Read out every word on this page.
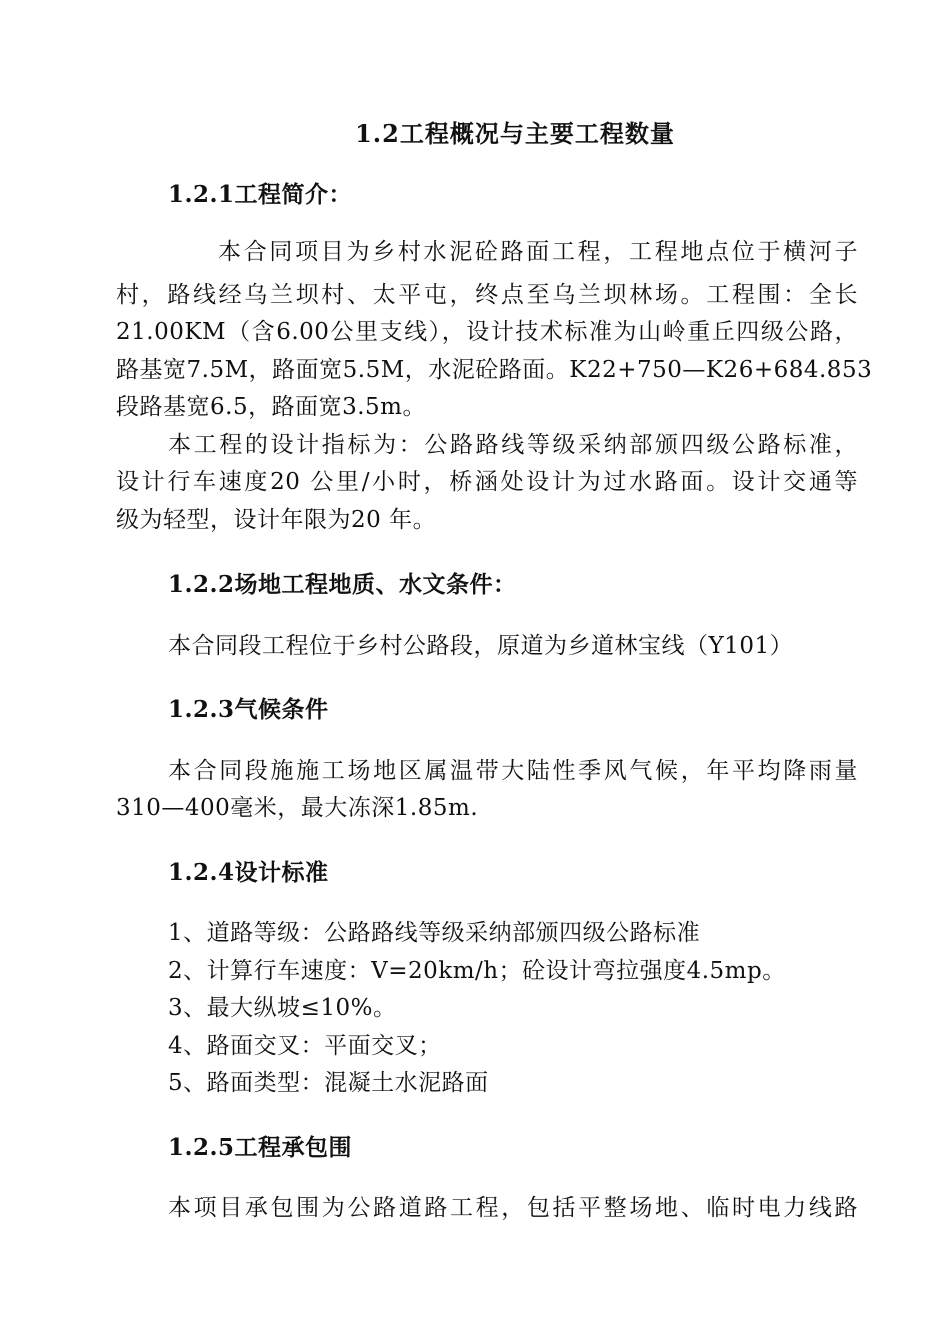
1.2工程概况与主要工程数量
1.2.1工程简介：
本合同项目为乡村水泥砼路面工程，工程地点位于横河子
村，路线经乌兰坝村、太平屯，终点至乌兰坝林场。工程围：全长
21.00KM（含6.00公里支线），设计技术标准为山岭重丘四级公路，
路基宽7.5M，路面宽5.5M，水泥砼路面。K22+750—K26+684.853
段路基宽6.5，路面宽3.5m。
本工程的设计指标为：公路路线等级采纳部颁四级公路标准，
设计行车速度20 公里/小时，桥涵处设计为过水路面。设计交通等
级为轻型，设计年限为20 年。
1.2.2场地工程地质、水文条件：
本合同段工程位于乡村公路段，原道为乡道林宝线（Y101）
1.2.3气候条件
本合同段施施工场地区属温带大陆性季风气候，年平均降雨量
310—400毫米，最大冻深1.85m.
1.2.4设计标准
1、道路等级：公路路线等级采纳部颁四级公路标准
2、计算行车速度：V=20km/h；砼设计弯拉强度4.5mp。
3、最大纵坡≤10%。
4、路面交叉：平面交叉；
5、路面类型：混凝土水泥路面
1.2.5工程承包围
本项目承包围为公路道路工程，包括平整场地、临时电力线路
